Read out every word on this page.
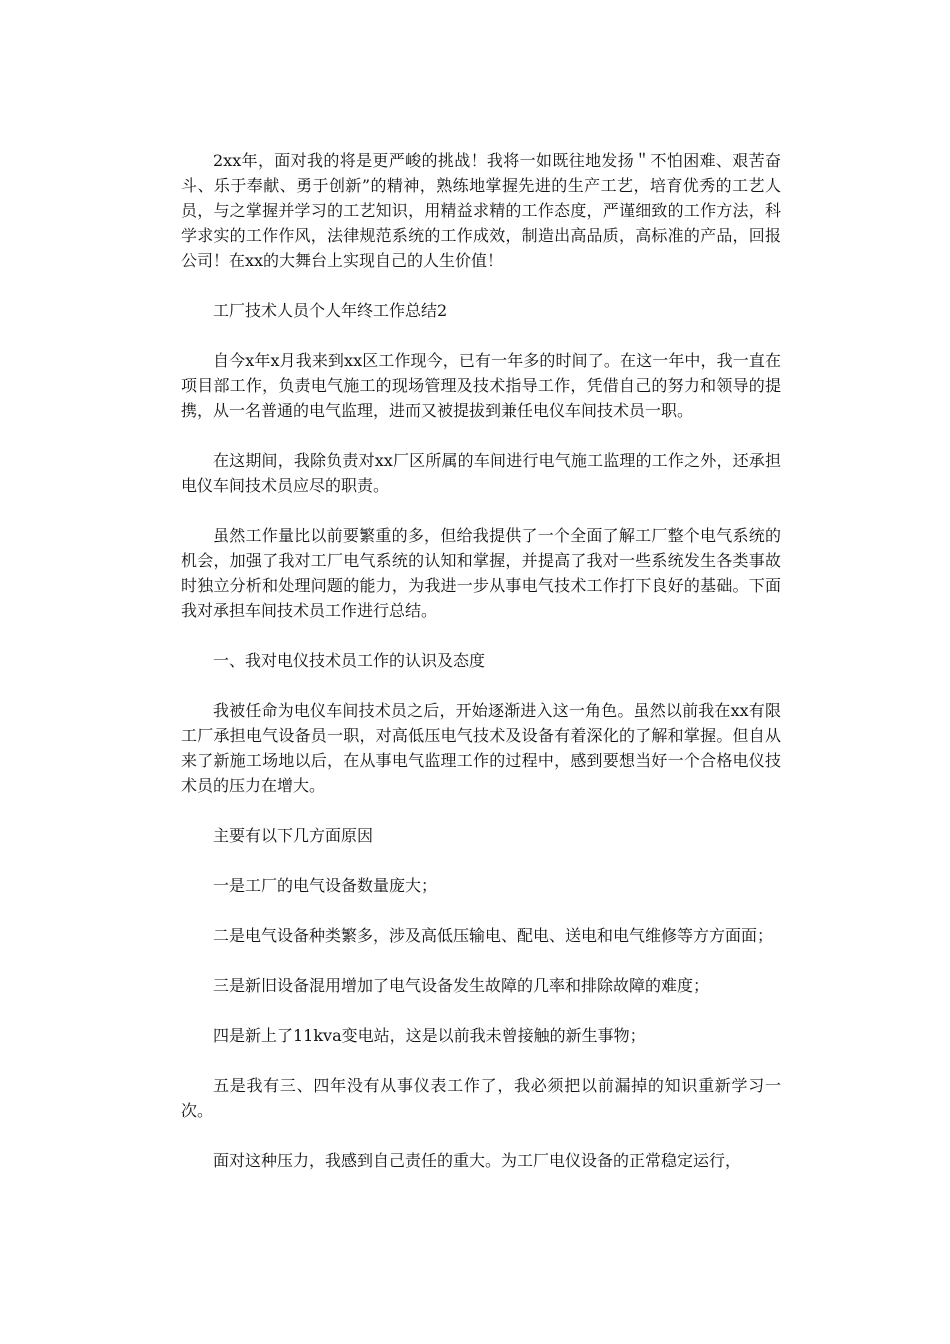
2xx年，面对我的将是更严峻的挑战！我将一如既往地发扬＂不怕困难、艰苦奋斗、乐于奉献、勇于创新”的精神，熟练地掌握先进的生产工艺，培育优秀的工艺人员，与之掌握并学习的工艺知识，用精益求精的工作态度，严谨细致的工作方法，科学求实的工作作风，法律规范系统的工作成效，制造出高品质，高标准的产品，回报公司！在xx的大舞台上实现自己的人生价值！

工厂技术人员个人年终工作总结2

自今x年x月我来到xx区工作现今，已有一年多的时间了。在这一年中，我一直在项目部工作，负责电气施工的现场管理及技术指导工作，凭借自己的努力和领导的提携，从一名普通的电气监理，进而又被提拔到兼任电仪车间技术员一职。

在这期间，我除负责对xx厂区所属的车间进行电气施工监理的工作之外，还承担电仪车间技术员应尽的职责。

虽然工作量比以前要繁重的多，但给我提供了一个全面了解工厂整个电气系统的机会，加强了我对工厂电气系统的认知和掌握，并提高了我对一些系统发生各类事故时独立分析和处理问题的能力，为我进一步从事电气技术工作打下良好的基础。下面我对承担车间技术员工作进行总结。

一、我对电仪技术员工作的认识及态度

我被任命为电仪车间技术员之后，开始逐渐进入这一角色。虽然以前我在xx有限工厂承担电气设备员一职，对高低压电气技术及设备有着深化的了解和掌握。但自从来了新施工场地以后，在从事电气监理工作的过程中，感到要想当好一个合格电仪技术员的压力在增大。

主要有以下几方面原因

一是工厂的电气设备数量庞大；

二是电气设备种类繁多，涉及高低压输电、配电、送电和电气维修等方方面面；

三是新旧设备混用增加了电气设备发生故障的几率和排除故障的难度；

四是新上了11kva变电站，这是以前我未曾接触的新生事物；

五是我有三、四年没有从事仪表工作了，我必须把以前漏掉的知识重新学习一次。

面对这种压力，我感到自己责任的重大。为工厂电仪设备的正常稳定运行，
